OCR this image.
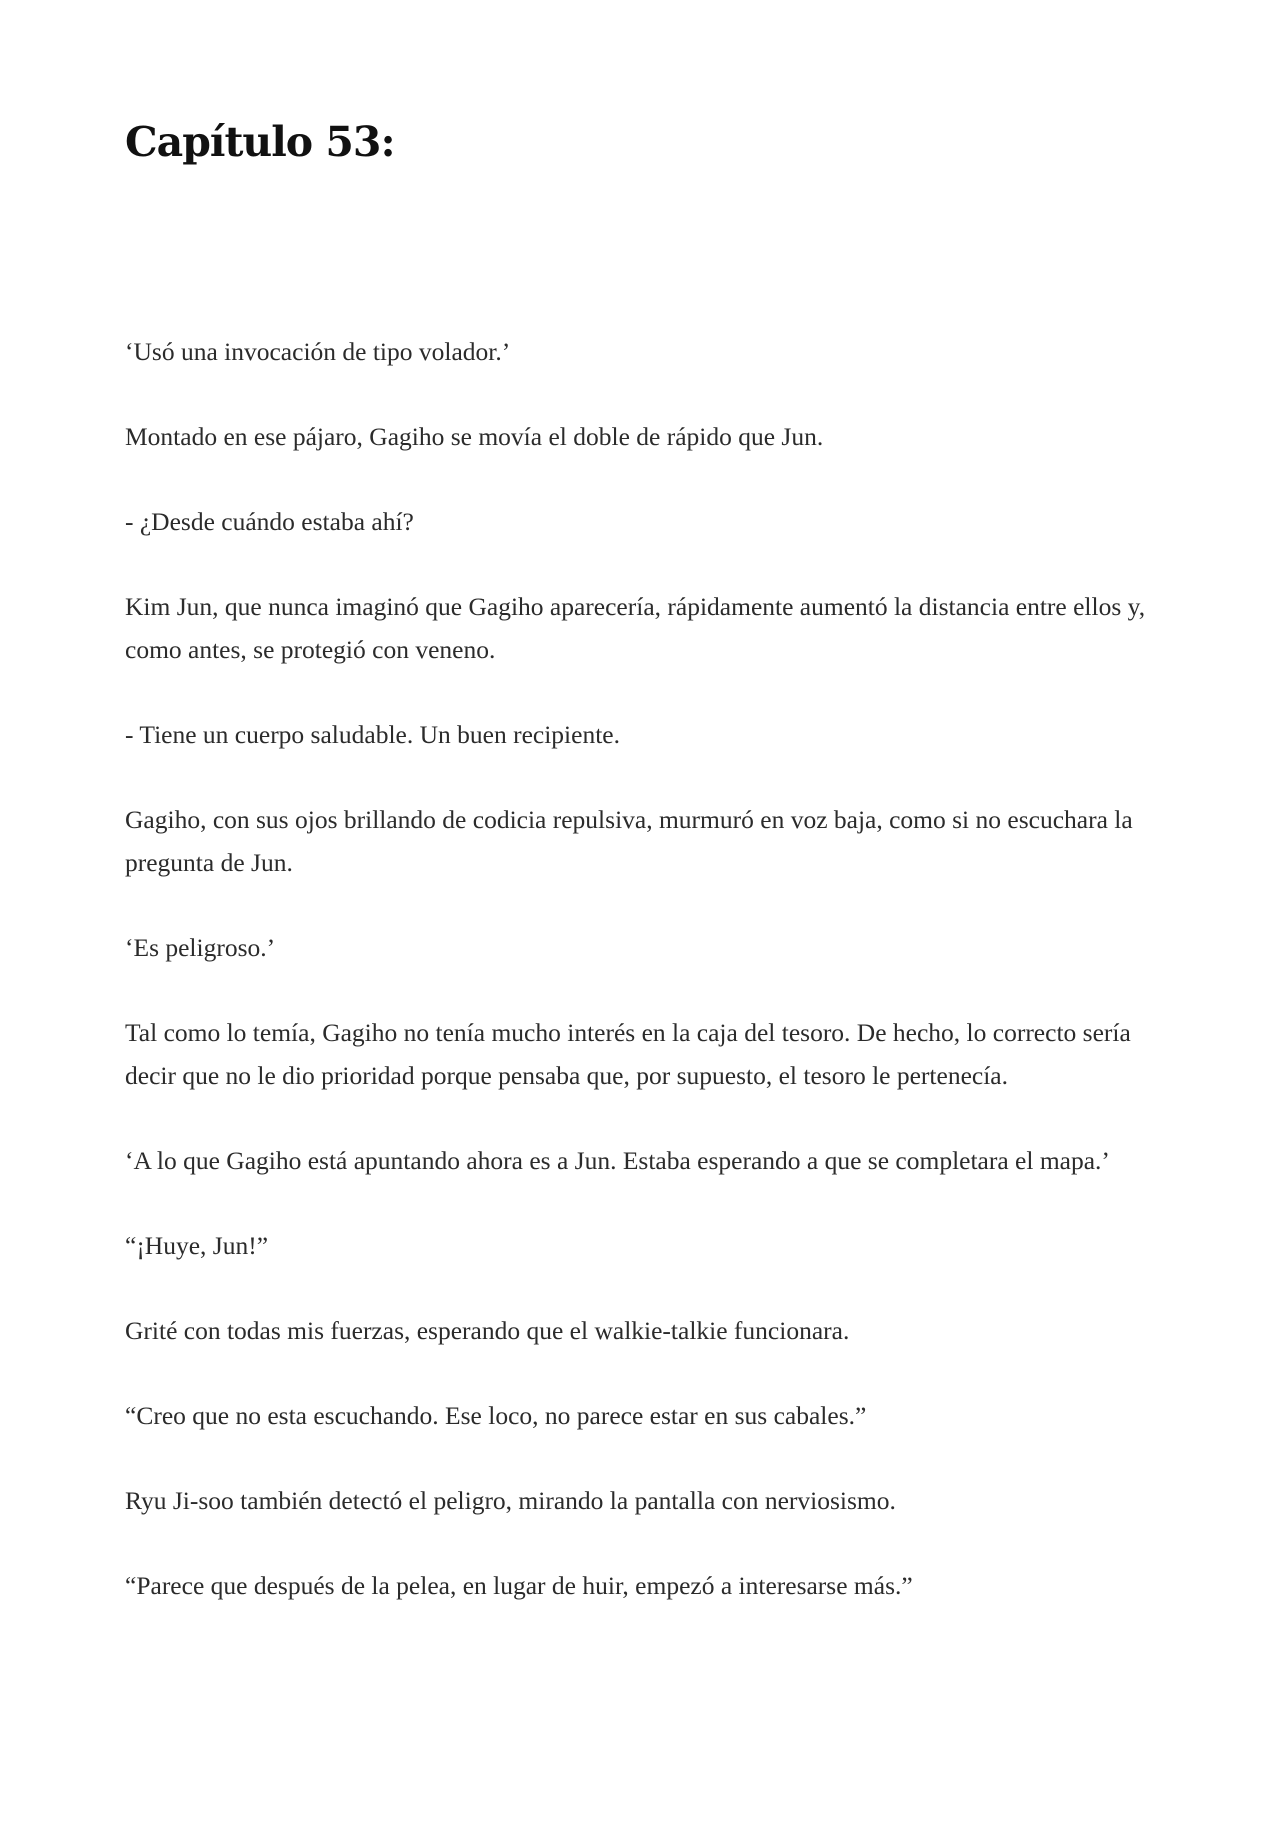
Capítulo 53:

‘Usó una invocación de tipo volador.’

Montado en ese pájaro, Gagiho se movía el doble de rápido que Jun.

- ¿Desde cuándo estaba ahí?

Kim Jun, que nunca imaginó que Gagiho aparecería, rápidamente aumentó la distancia entre ellos y, como antes, se protegió con veneno.

- Tiene un cuerpo saludable. Un buen recipiente.

Gagiho, con sus ojos brillando de codicia repulsiva, murmuró en voz baja, como si no escuchara la pregunta de Jun.

‘Es peligroso.’

Tal como lo temía, Gagiho no tenía mucho interés en la caja del tesoro. De hecho, lo correcto sería decir que no le dio prioridad porque pensaba que, por supuesto, el tesoro le pertenecía.

‘A lo que Gagiho está apuntando ahora es a Jun. Estaba esperando a que se completara el mapa.’

“¡Huye, Jun!”

Grité con todas mis fuerzas, esperando que el walkie-talkie funcionara.

“Creo que no esta escuchando. Ese loco, no parece estar en sus cabales.”

Ryu Ji-soo también detectó el peligro, mirando la pantalla con nerviosismo.

“Parece que después de la pelea, en lugar de huir, empezó a interesarse más.”
